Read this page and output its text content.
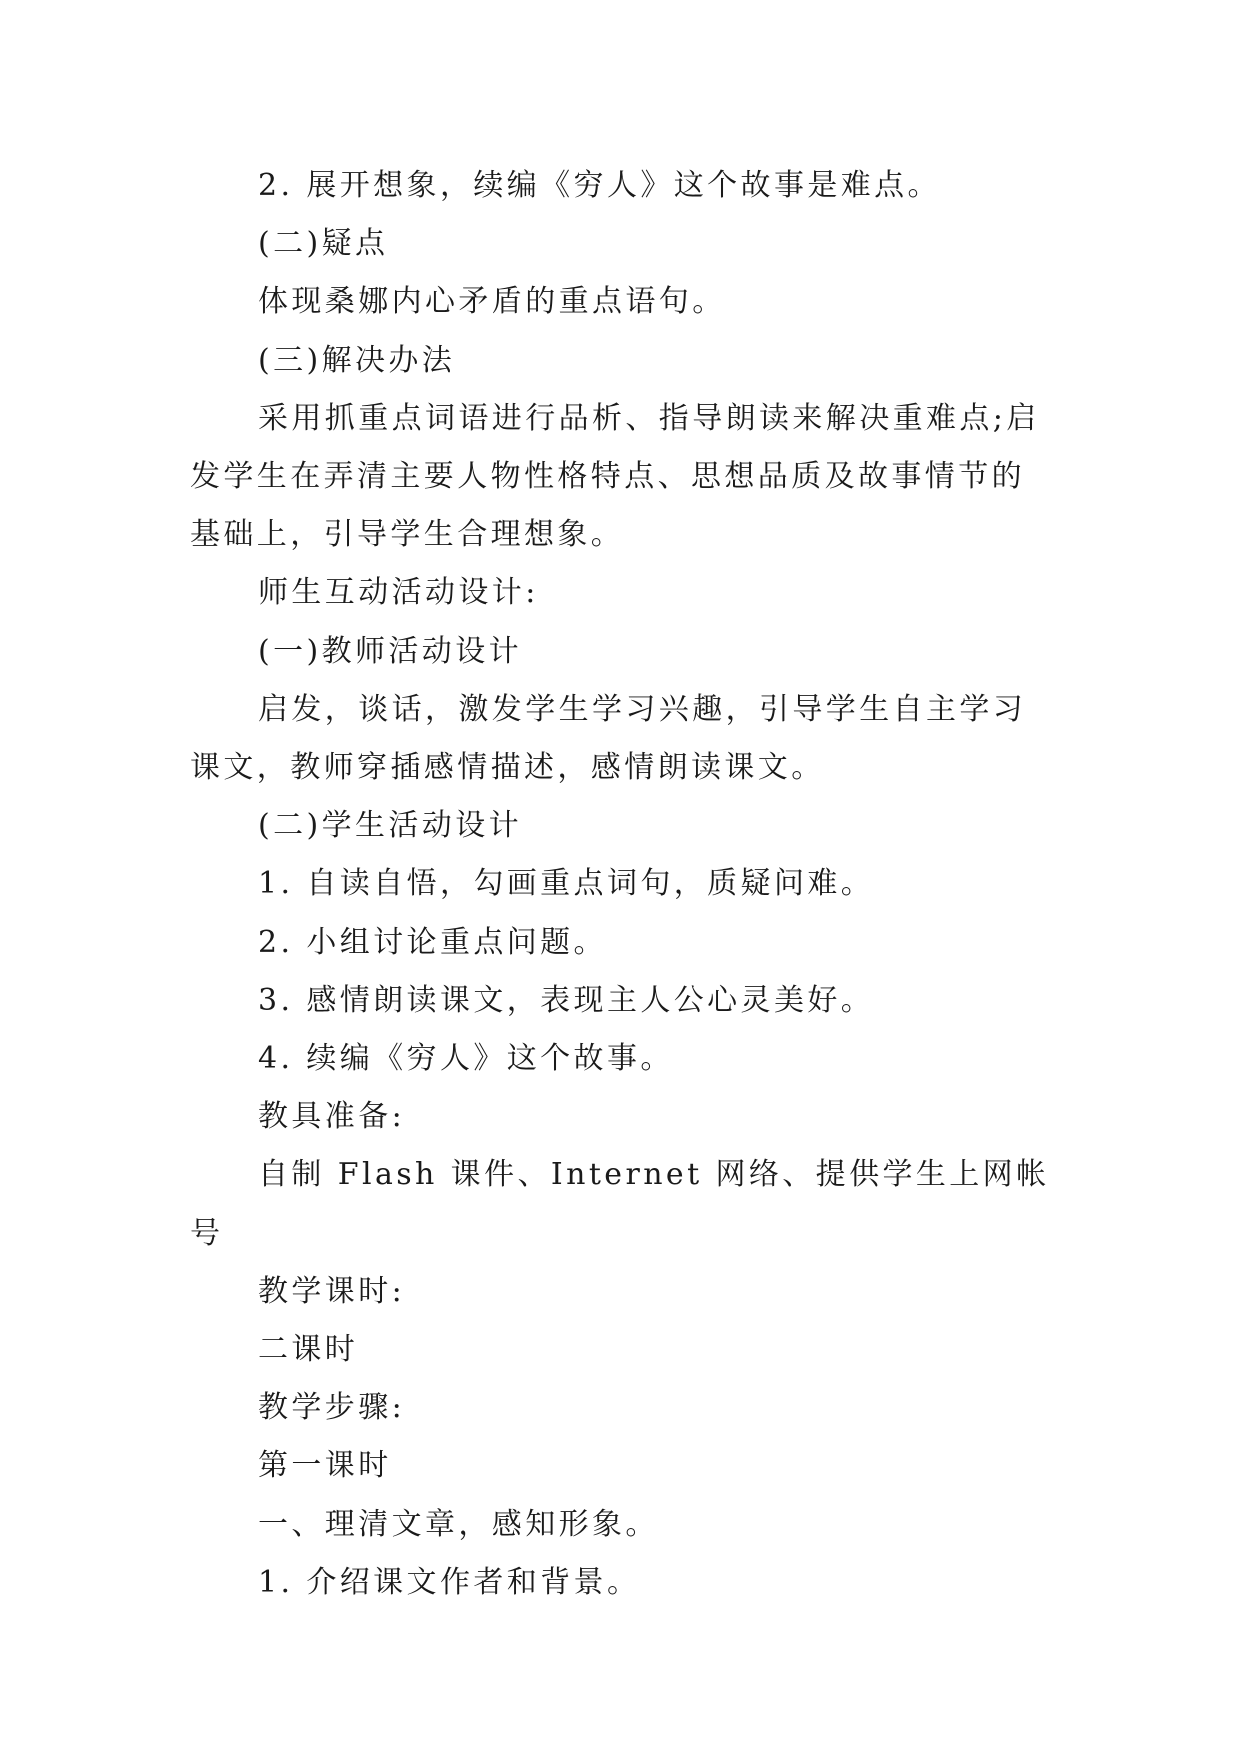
2. 展开想象，续编《穷人》这个故事是难点。

(二)疑点

体现桑娜内心矛盾的重点语句。

(三)解决办法

采用抓重点词语进行品析、指导朗读来解决重难点;启发学生在弄清主要人物性格特点、思想品质及故事情节的基础上，引导学生合理想象。

师生互动活动设计:

(一)教师活动设计

启发，谈话，激发学生学习兴趣，引导学生自主学习课文，教师穿插感情描述，感情朗读课文。

(二)学生活动设计

1. 自读自悟，勾画重点词句，质疑问难。

2. 小组讨论重点问题。

3. 感情朗读课文，表现主人公心灵美好。

4. 续编《穷人》这个故事。

教具准备:

自制 Flash 课件、Internet 网络、提供学生上网帐号

教学课时:

二课时

教学步骤:

第一课时

一、理清文章，感知形象。

1. 介绍课文作者和背景。
